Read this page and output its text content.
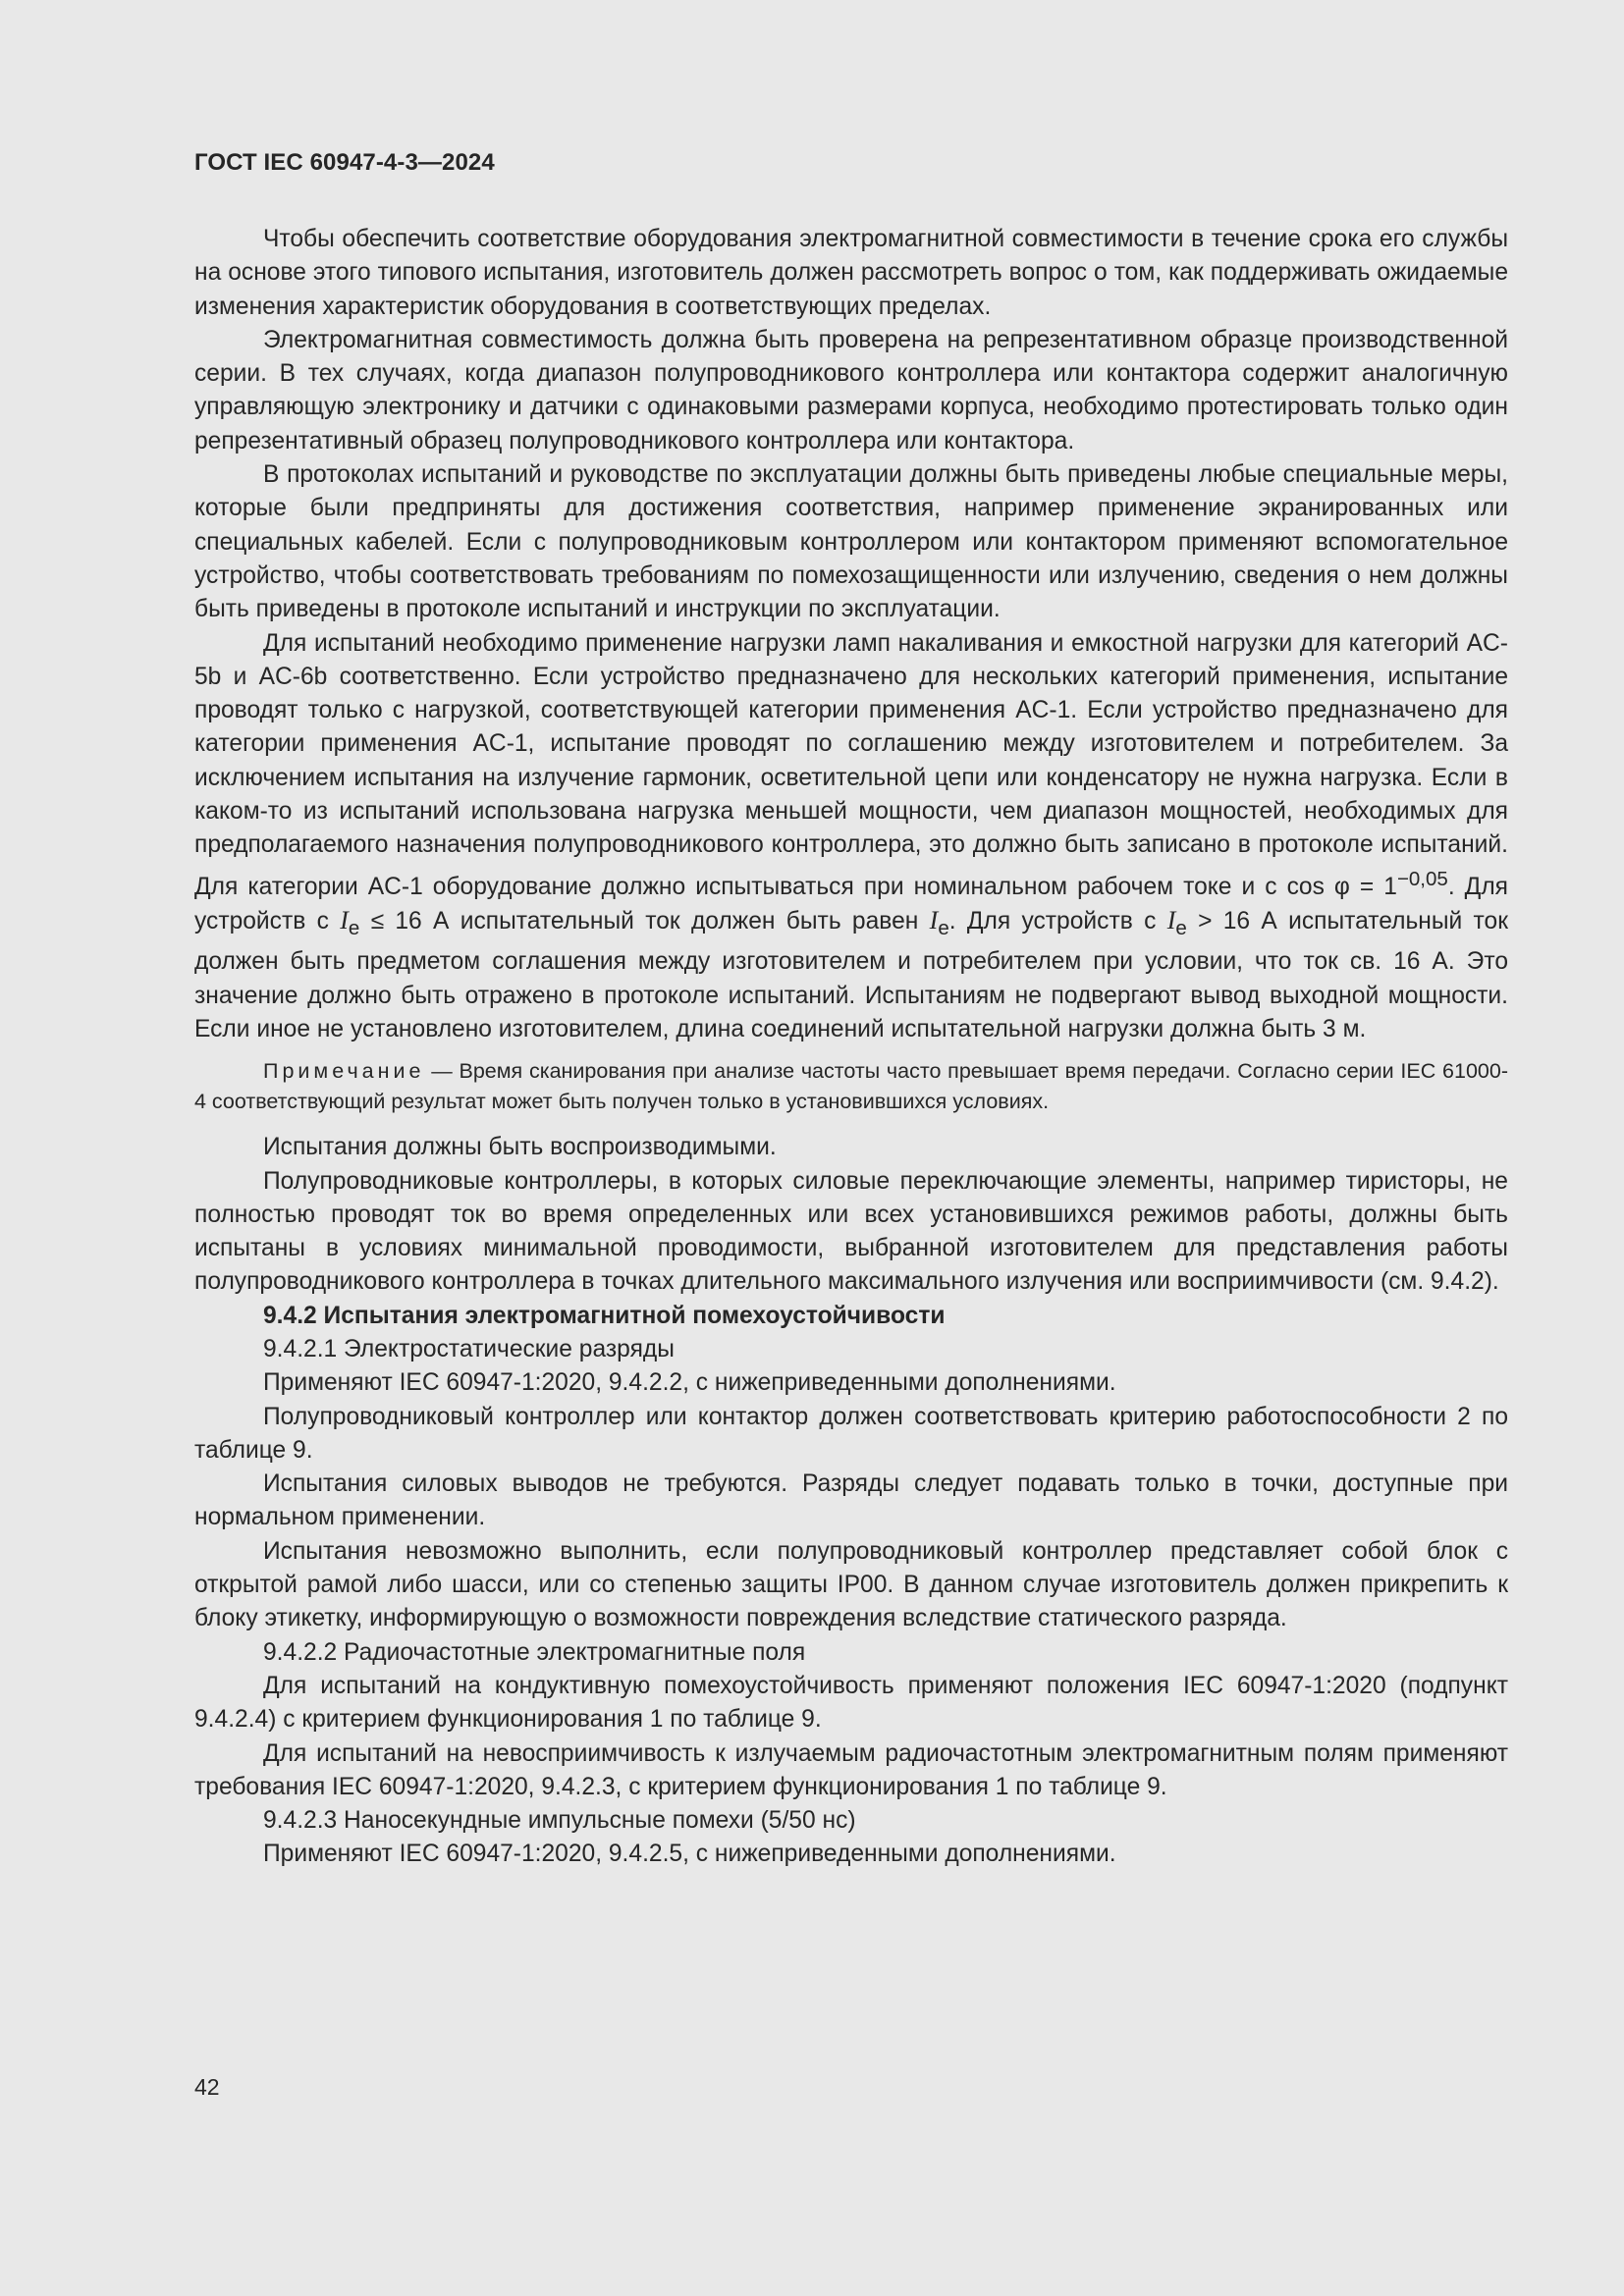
ГОСТ IEC 60947-4-3—2024

Чтобы обеспечить соответствие оборудования электромагнитной совместимости в течение срока его службы на основе этого типового испытания, изготовитель должен рассмотреть вопрос о том, как поддерживать ожидаемые изменения характеристик оборудования в соответствующих пределах.

Электромагнитная совместимость должна быть проверена на репрезентативном образце производственной серии. В тех случаях, когда диапазон полупроводникового контроллера или контактора содержит аналогичную управляющую электронику и датчики с одинаковыми размерами корпуса, необходимо протестировать только один репрезентативный образец полупроводникового контроллера или контактора.

В протоколах испытаний и руководстве по эксплуатации должны быть приведены любые специальные меры, которые были предприняты для достижения соответствия, например применение экранированных или специальных кабелей. Если с полупроводниковым контроллером или контактором применяют вспомогательное устройство, чтобы соответствовать требованиям по помехозащищенности или излучению, сведения о нем должны быть приведены в протоколе испытаний и инструкции по эксплуатации.

Для испытаний необходимо применение нагрузки ламп накаливания и емкостной нагрузки для категорий AC-5b и AC-6b соответственно. Если устройство предназначено для нескольких категорий применения, испытание проводят только с нагрузкой, соответствующей категории применения AC-1. Если устройство предназначено для категории применения AC-1, испытание проводят по соглашению между изготовителем и потребителем. За исключением испытания на излучение гармоник, осветительной цепи или конденсатору не нужна нагрузка. Если в каком-то из испытаний использована нагрузка меньшей мощности, чем диапазон мощностей, необходимых для предполагаемого назначения полупроводникового контроллера, это должно быть записано в протоколе испытаний. Для категории AC-1 оборудование должно испытываться при номинальном рабочем токе и с $\cos \varphi = 1^{-0,05}$. Для устройств с $I_e \le 16$ А испытательный ток должен быть равен $I_e$. Для устройств с $I_e > 16$ А испытательный ток должен быть предметом соглашения между изготовителем и потребителем при условии, что ток св. 16 А. Это значение должно быть отражено в протоколе испытаний. Испытаниям не подвергают вывод выходной мощности. Если иное не установлено изготовителем, длина соединений испытательной нагрузки должна быть 3 м.

Примечание — Время сканирования при анализе частоты часто превышает время передачи. Согласно серии IEC 61000-4 соответствующий результат может быть получен только в установившихся условиях.

Испытания должны быть воспроизводимыми.

Полупроводниковые контроллеры, в которых силовые переключающие элементы, например тиристоры, не полностью проводят ток во время определенных или всех установившихся режимов работы, должны быть испытаны в условиях минимальной проводимости, выбранной изготовителем для представления работы полупроводникового контроллера в точках длительного максимального излучения или восприимчивости (см. 9.4.2).

9.4.2 Испытания электромагнитной помехоустойчивости

9.4.2.1 Электростатические разряды

Применяют IEC 60947-1:2020, 9.4.2.2, с нижеприведенными дополнениями.

Полупроводниковый контроллер или контактор должен соответствовать критерию работоспособности 2 по таблице 9.

Испытания силовых выводов не требуются. Разряды следует подавать только в точки, доступные при нормальном применении.

Испытания невозможно выполнить, если полупроводниковый контроллер представляет собой блок с открытой рамой либо шасси, или со степенью защиты IP00. В данном случае изготовитель должен прикрепить к блоку этикетку, информирующую о возможности повреждения вследствие статического разряда.

9.4.2.2 Радиочастотные электромагнитные поля

Для испытаний на кондуктивную помехоустойчивость применяют положения IEC 60947-1:2020 (подпункт 9.4.2.4) с критерием функционирования 1 по таблице 9.

Для испытаний на невосприимчивость к излучаемым радиочастотным электромагнитным полям применяют требования IEC 60947-1:2020, 9.4.2.3, с критерием функционирования 1 по таблице 9.

9.4.2.3 Наносекундные импульсные помехи (5/50 нс)

Применяют IEC 60947-1:2020, 9.4.2.5, с нижеприведенными дополнениями.

42
